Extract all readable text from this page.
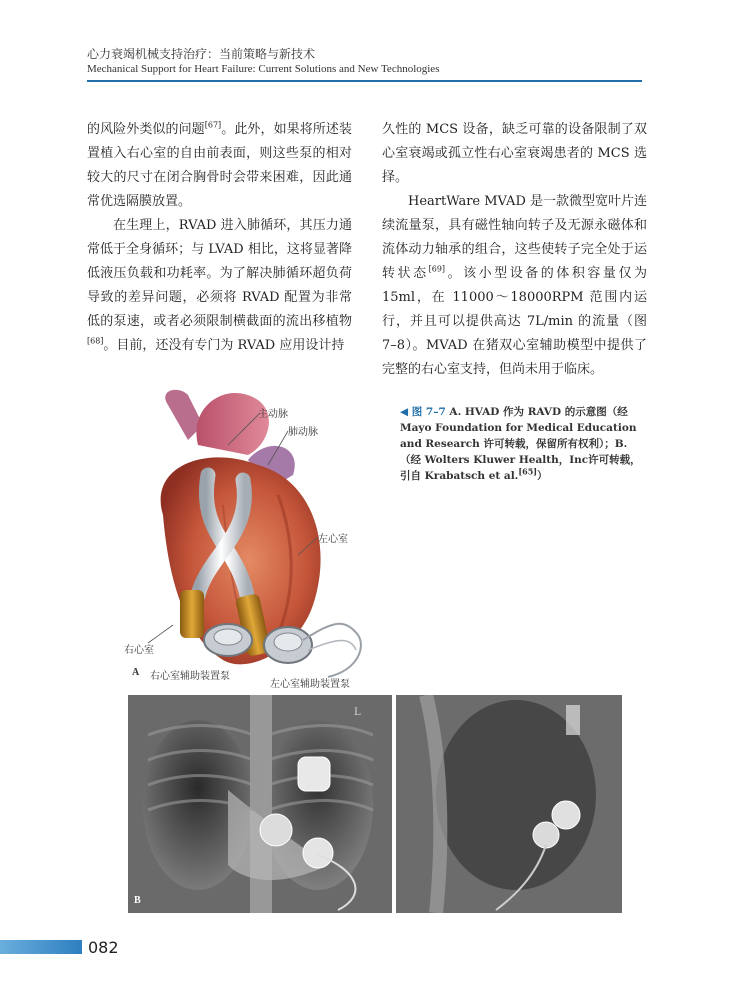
心力衰竭机械支持治疗：当前策略与新技术
Mechanical Support for Heart Failure: Current Solutions and New Technologies

的风险外类似的问题[67]。此外，如果将所述装置植入右心室的自由前表面，则这些泵的相对较大的尺寸在闭合胸骨时会带来困难，因此通常优选隔膜放置。

在生理上，RVAD 进入肺循环，其压力通常低于全身循环；与 LVAD 相比，这将显著降低液压负载和功耗率。为了解决肺循环超负荷导致的差异问题，必须将 RVAD 配置为非常低的泵速，或者必须限制横截面的流出移植物[68]。目前，还没有专门为 RVAD 应用设计持

久性的 MCS 设备，缺乏可靠的设备限制了双心室衰竭或孤立性右心室衰竭患者的 MCS 选择。

HeartWare MVAD 是一款微型宽叶片连续流量泵，具有磁性轴向转子及无源永磁体和流体动力轴承的组合，这些使转子完全处于运转状态[69]。该小型设备的体积容量仅为 15ml，在 11000～18000RPM 范围内运行，并且可以提供高达 7L/min 的流量（图 7–8）。MVAD 在猪双心室辅助模型中提供了完整的右心室支持，但尚未用于临床。

主动脉
肺动脉
左心室
右心室
A 右心室辅助装置泵
左心室辅助装置泵
◀ 图 7–7 A. HVAD 作为 RAVD 的示意图（经 Mayo Foundation for Medical Education and Research 许可转载，保留所有权利）；B.（经 Wolters Kluwer Health，Inc许可转载，引自 Krabatsch et al.[65]）
B
L
082
